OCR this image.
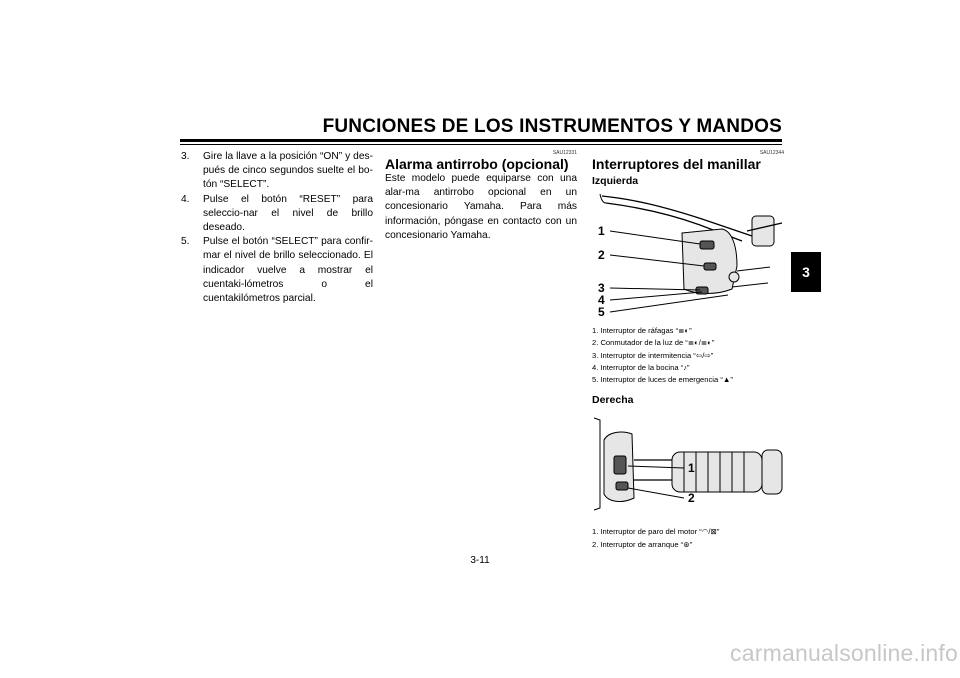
FUNCIONES DE LOS INSTRUMENTOS Y MANDOS
3
3. Gire la llave a la posición “ON” y des-pués de cinco segundos suelte el bo-tón “SELECT”.
4. Pulse el botón “RESET” para seleccio-nar el nivel de brillo deseado.
5. Pulse el botón “SELECT” para confir-mar el nivel de brillo seleccionado. El indicador vuelve a mostrar el cuentaki-lómetros o el cuentakilómetros parcial.
SAU12331
Alarma antirrobo (opcional)
Este modelo puede equiparse con una alar-ma antirrobo opcional en un concesionario Yamaha. Para más información, póngase en contacto con un concesionario Yamaha.
SAU12344
Interruptores del manillar
Izquierda
1
2
3
4
5
1. Interruptor de ráfagas “≣◐”
2. Conmutador de la luz de “≣◐/≣◐”
3. Interruptor de intermitencia “⇦/⇨”
4. Interruptor de la bocina “♪”
5. Interruptor de luces de emergencia “▲”
Derecha
1
2
1. Interruptor de paro del motor “◠/⊠”
2. Interruptor de arranque “⊛”
3-11
carmanualsonline.info
